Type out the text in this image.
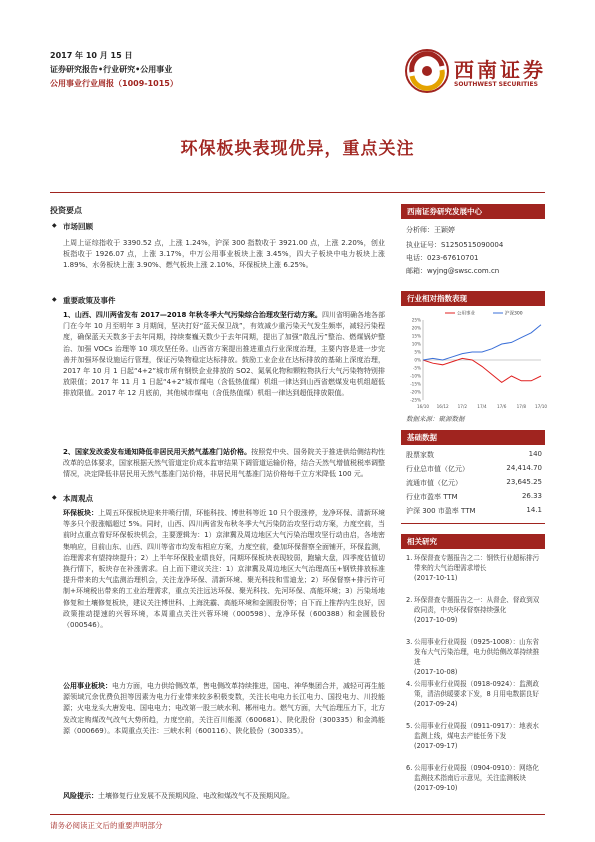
2017 年 10 月 15 日
证券研究报告•行业研究•公用事业
公用事业行业周报（1009-1015）
西南证券
SOUTHWEST SECURITIES
环保板块表现优异，重点关注
投资要点
◆ 市场回顾
上周上证综指收于 3390.52 点，上涨 1.24%，沪深 300 指数收于 3921.00 点，上涨 2.20%，创业板指收于 1926.07 点，上涨 3.17%，中万公用事业板块上涨 3.45%，四大子板块中电力板块上涨 1.89%、水务板块上涨 3.90%、燃气板块上涨 2.10%、环保板块上涨 6.25%。
◆ 重要政策及事件
1、山西、四川两省发布 2017—2018 年秋冬季大气污染综合治理攻坚行动方案。四川省明确各地各部门在今年 10 月至明年 3 月期间，坚决打好“蓝天保卫战”，有效减少重污染天气发生频率，减轻污染程度，确保蓝天天数多于去年同期，持续秦巍天数少于去年同期，提出了加强“散乱污”整治、燃煤锅炉整治、加强 VOCs 治理等 10 项攻坚任务。山西省方案提出推进重点行业深度治理，主要内容是进一步完善并加强环保设施运行管理，保证污染物稳定达标排放。鼓励工业企业在达标排放的基础上深度治理，2017 年 10 月 1 日起“4+2”城市所有钢铁企业排放的 SO2、氮氧化物和颗粒物执行大气污染物特别排放限值；2017 年 11 月 1 日起“4+2”城市煤电（含低热值煤）机组一律达到山西省燃煤发电机组超低排放限值。2017 年 12 月底前，其他城市煤电（含低热值煤）机组一律达到超低排放限值。
2、国家发改委发布通知降低非居民用天然气基准门站价格。按照党中央、国务院关于推进供给侧结构性改革的总体要求，国家根据天然气管道定价成本监审结果下调管道运输价格，结合天然气增值税税率调整情况，决定降低非居民用天然气基准门站价格，非居民用气基准门站价格每千立方米降低 100 元。
◆ 本周观点
环保板块：上周五环保板块迎来井喷行情，环能科技、博世科等近 10 只个股涨停，龙净环保、清新环境等多只个股涨幅超过 5%。同时，山西、四川两省发布秋冬季大气污染防治攻坚行动方案，力度空前，当前时点重点看好环保板块机会，主要逻辑为：1）京津冀及周边地区大气污染治理攻坚行动由启，各地密集响应，目前山东、山西、四川等省市均发布相应方案，力度空前，叠加环保督察全面铺开，环保监测，治理需求有望持续提升；2）上半年环保股业绩良好，同期环保板块表现较弱，跑输大盘，四季度估值切换行情下，板块存在补涨需求。自上而下建议关注：1）京津冀及周边地区大气治理高压+钢铁排放标准提升带来的大气监测治理机会，关注龙净环保、清新环境、聚光科技和雪迪龙；2）环保督察+排污许可制+环境税出带来的工业治理需求，重点关注远达环保、聚光科技、先河环保、高能环境；3）污染场地修复和土壤修复板块，建议关注博世科、上海洗霸、高能环境和金圆股份等；自下而上推荐内生良好，因政策推动提速的兴蓉环境，本周重点关注兴蓉环境（000598）、龙净环保（600388）和金圆股份（000546）。
公用事业板块：电力方面，电力供给侧改革，售电侧改革持续推进，国电、神华集团合并，减轻可再生能源领域冗余优费负担等因素为电力行业带来较多积极变数，关注长电电力长江电力、国投电力、川投能源；火电龙头大唐发电、国电电力；电改第一股三峡水利、郴州电力。燃气方面，大气治理压力下，北方发改定购煤改气改气大势所趋，力度空前，关注百川能源（600681）、陕化股份（300335）和金鸿能源（000669）。本周重点关注：三峡水利（600116）、陕化股份（300335）。
风险提示：土壤修复行业发展不及预期风险、电改和煤改气不及预期风险。
西南证券研究发展中心
分析师：王颖婷
执业证号：S1250515090004
电话：023-67610701
邮箱：wyjng@swsc.com.cn
行业相对指数表现
25%
20%
15%
10%
5%
0%
-5%
-10%
-15%
-20%
-25%
16/10 16/12 17/2 17/4 17/6 17/8 17/10
公用事业	沪深300
数据来源：聚源数据
基础数据
股票家数	140
行业总市值（亿元）	24,414.70
流通市值（亿元）	23,645.25
行业市盈率 TTM	26.33
沪深 300 市盈率 TTM	14.1
相关研究
1. 环保督查专题报告之二：钢铁行业超标排污带来的大气治理需求增长
(2017-10-11)
2. 环保督查专题报告之一：从督企、督政到双政同责，中央环保督察持续强化
(2017-10-09)
3. 公用事业行业周报（0925-1008）：山东省发布大气污染治理，电力供给侧改革持续推进
(2017-10-08)
4. 公用事业行业周报（0918-0924）：监测政策，清洁供暖要求下发，8 月用电数据良好
(2017-09-24)
5. 公用事业行业周报（0911-0917）：地表水监测上线，煤电去产能任务下发
(2017-09-17)
6. 公用事业行业周报（0904-0910）：网络化监测技术指南后示意见，关注监测板块
(2017-09-10)
请务必阅读正文后的重要声明部分
